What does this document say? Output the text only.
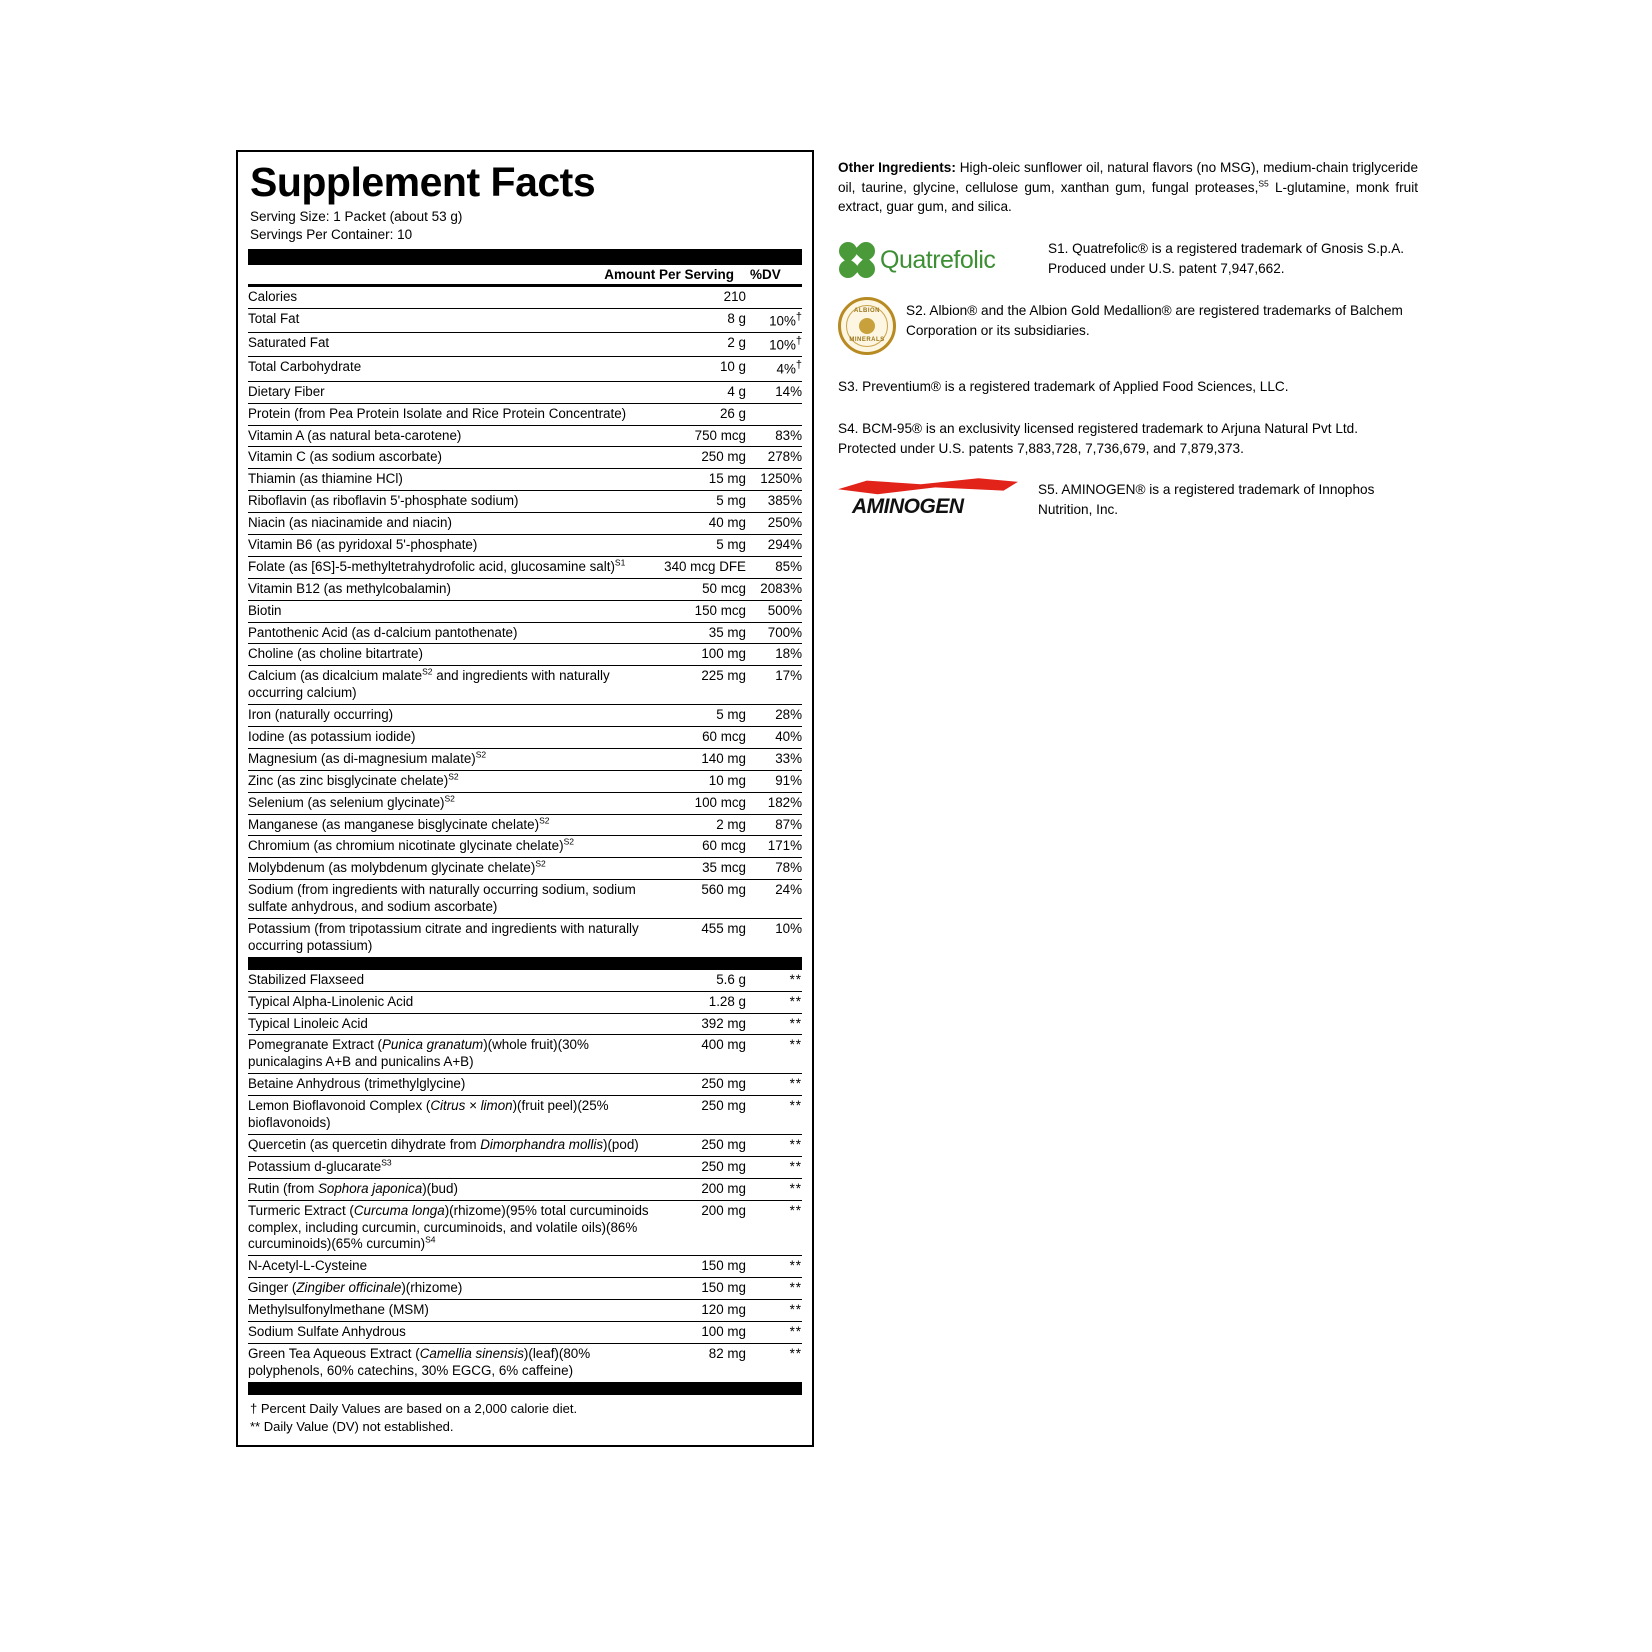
Supplement Facts
Serving Size: 1 Packet (about 53 g)
Servings Per Container: 10
Amount Per Serving %DV
Calories	210	
Total Fat	8 g	10%†
Saturated Fat	2 g	10%†
Total Carbohydrate	10 g	4%†
Dietary Fiber	4 g	14%
Protein (from Pea Protein Isolate and Rice Protein Concentrate)	26 g	
Vitamin A (as natural beta-carotene)	750 mcg	83%
Vitamin C (as sodium ascorbate)	250 mg	278%
Thiamin (as thiamine HCl)	15 mg	1250%
Riboflavin (as riboflavin 5'-phosphate sodium)	5 mg	385%
Niacin (as niacinamide and niacin)	40 mg	250%
Vitamin B6 (as pyridoxal 5'-phosphate)	5 mg	294%
Folate (as [6S]-5-methyltetrahydrofolic acid, glucosamine salt)$^{S1}$	340 mcg DFE	85%
Vitamin B12 (as methylcobalamin)	50 mcg	2083%
Biotin	150 mcg	500%
Pantothenic Acid (as d-calcium pantothenate)	35 mg	700%
Choline (as choline bitartrate)	100 mg	18%
Calcium (as dicalcium malate$^{S2}$ and ingredients with naturally occurring calcium)	225 mg	17%
Iron (naturally occurring)	5 mg	28%
Iodine (as potassium iodide)	60 mcg	40%
Magnesium (as di-magnesium malate)$^{S2}$	140 mg	33%
Zinc (as zinc bisglycinate chelate)$^{S2}$	10 mg	91%
Selenium (as selenium glycinate)$^{S2}$	100 mcg	182%
Manganese (as manganese bisglycinate chelate)$^{S2}$	2 mg	87%
Chromium (as chromium nicotinate glycinate chelate)$^{S2}$	60 mcg	171%
Molybdenum (as molybdenum glycinate chelate)$^{S2}$	35 mcg	78%
Sodium (from ingredients with naturally occurring sodium, sodium sulfate anhydrous, and sodium ascorbate)	560 mg	24%
Potassium (from tripotassium citrate and ingredients with naturally occurring potassium)	455 mg	10%
Stabilized Flaxseed	5.6 g	**
Typical Alpha-Linolenic Acid	1.28 g	**
Typical Linoleic Acid	392 mg	**
Pomegranate Extract (Punica granatum)(whole fruit)(30% punicalagins A+B and punicalins A+B)	400 mg	**
Betaine Anhydrous (trimethylglycine)	250 mg	**
Lemon Bioflavonoid Complex (Citrus × limon)(fruit peel)(25% bioflavonoids)	250 mg	**
Quercetin (as quercetin dihydrate from Dimorphandra mollis)(pod)	250 mg	**
Potassium d-glucarate$^{S3}$	250 mg	**
Rutin (from Sophora japonica)(bud)	200 mg	**
Turmeric Extract (Curcuma longa)(rhizome)(95% total curcuminoids complex, including curcumin, curcuminoids, and volatile oils)(86% curcuminoids)(65% curcumin)$^{S4}$	200 mg	**
N-Acetyl-L-Cysteine	150 mg	**
Ginger (Zingiber officinale)(rhizome)	150 mg	**
Methylsulfonylmethane (MSM)	120 mg	**
Sodium Sulfate Anhydrous	100 mg	**
Green Tea Aqueous Extract (Camellia sinensis)(leaf)(80% polyphenols, 60% catechins, 30% EGCG, 6% caffeine)	82 mg	**
† Percent Daily Values are based on a 2,000 calorie diet.
** Daily Value (DV) not established.
Other Ingredients: High-oleic sunflower oil, natural flavors (no MSG), medium-chain triglyceride oil, taurine, glycine, cellulose gum, xanthan gum, fungal proteases,$^{S5}$ L-glutamine, monk fruit extract, guar gum, and silica.
Quatrefolic	S1. Quatrefolic® is a registered trademark of Gnosis S.p.A. Produced under U.S. patent 7,947,662.
ALBION
MINERALS
S2. Albion® and the Albion Gold Medallion® are registered trademarks of Balchem Corporation or its subsidiaries.
S3. Preventium® is a registered trademark of Applied Food Sciences, LLC.
S4. BCM-95® is an exclusivity licensed registered trademark to Arjuna Natural Pvt Ltd. Protected under U.S. patents 7,883,728, 7,736,679, and 7,879,373.
AMINOGEN
S5. AMINOGEN® is a registered trademark of Innophos Nutrition, Inc.
